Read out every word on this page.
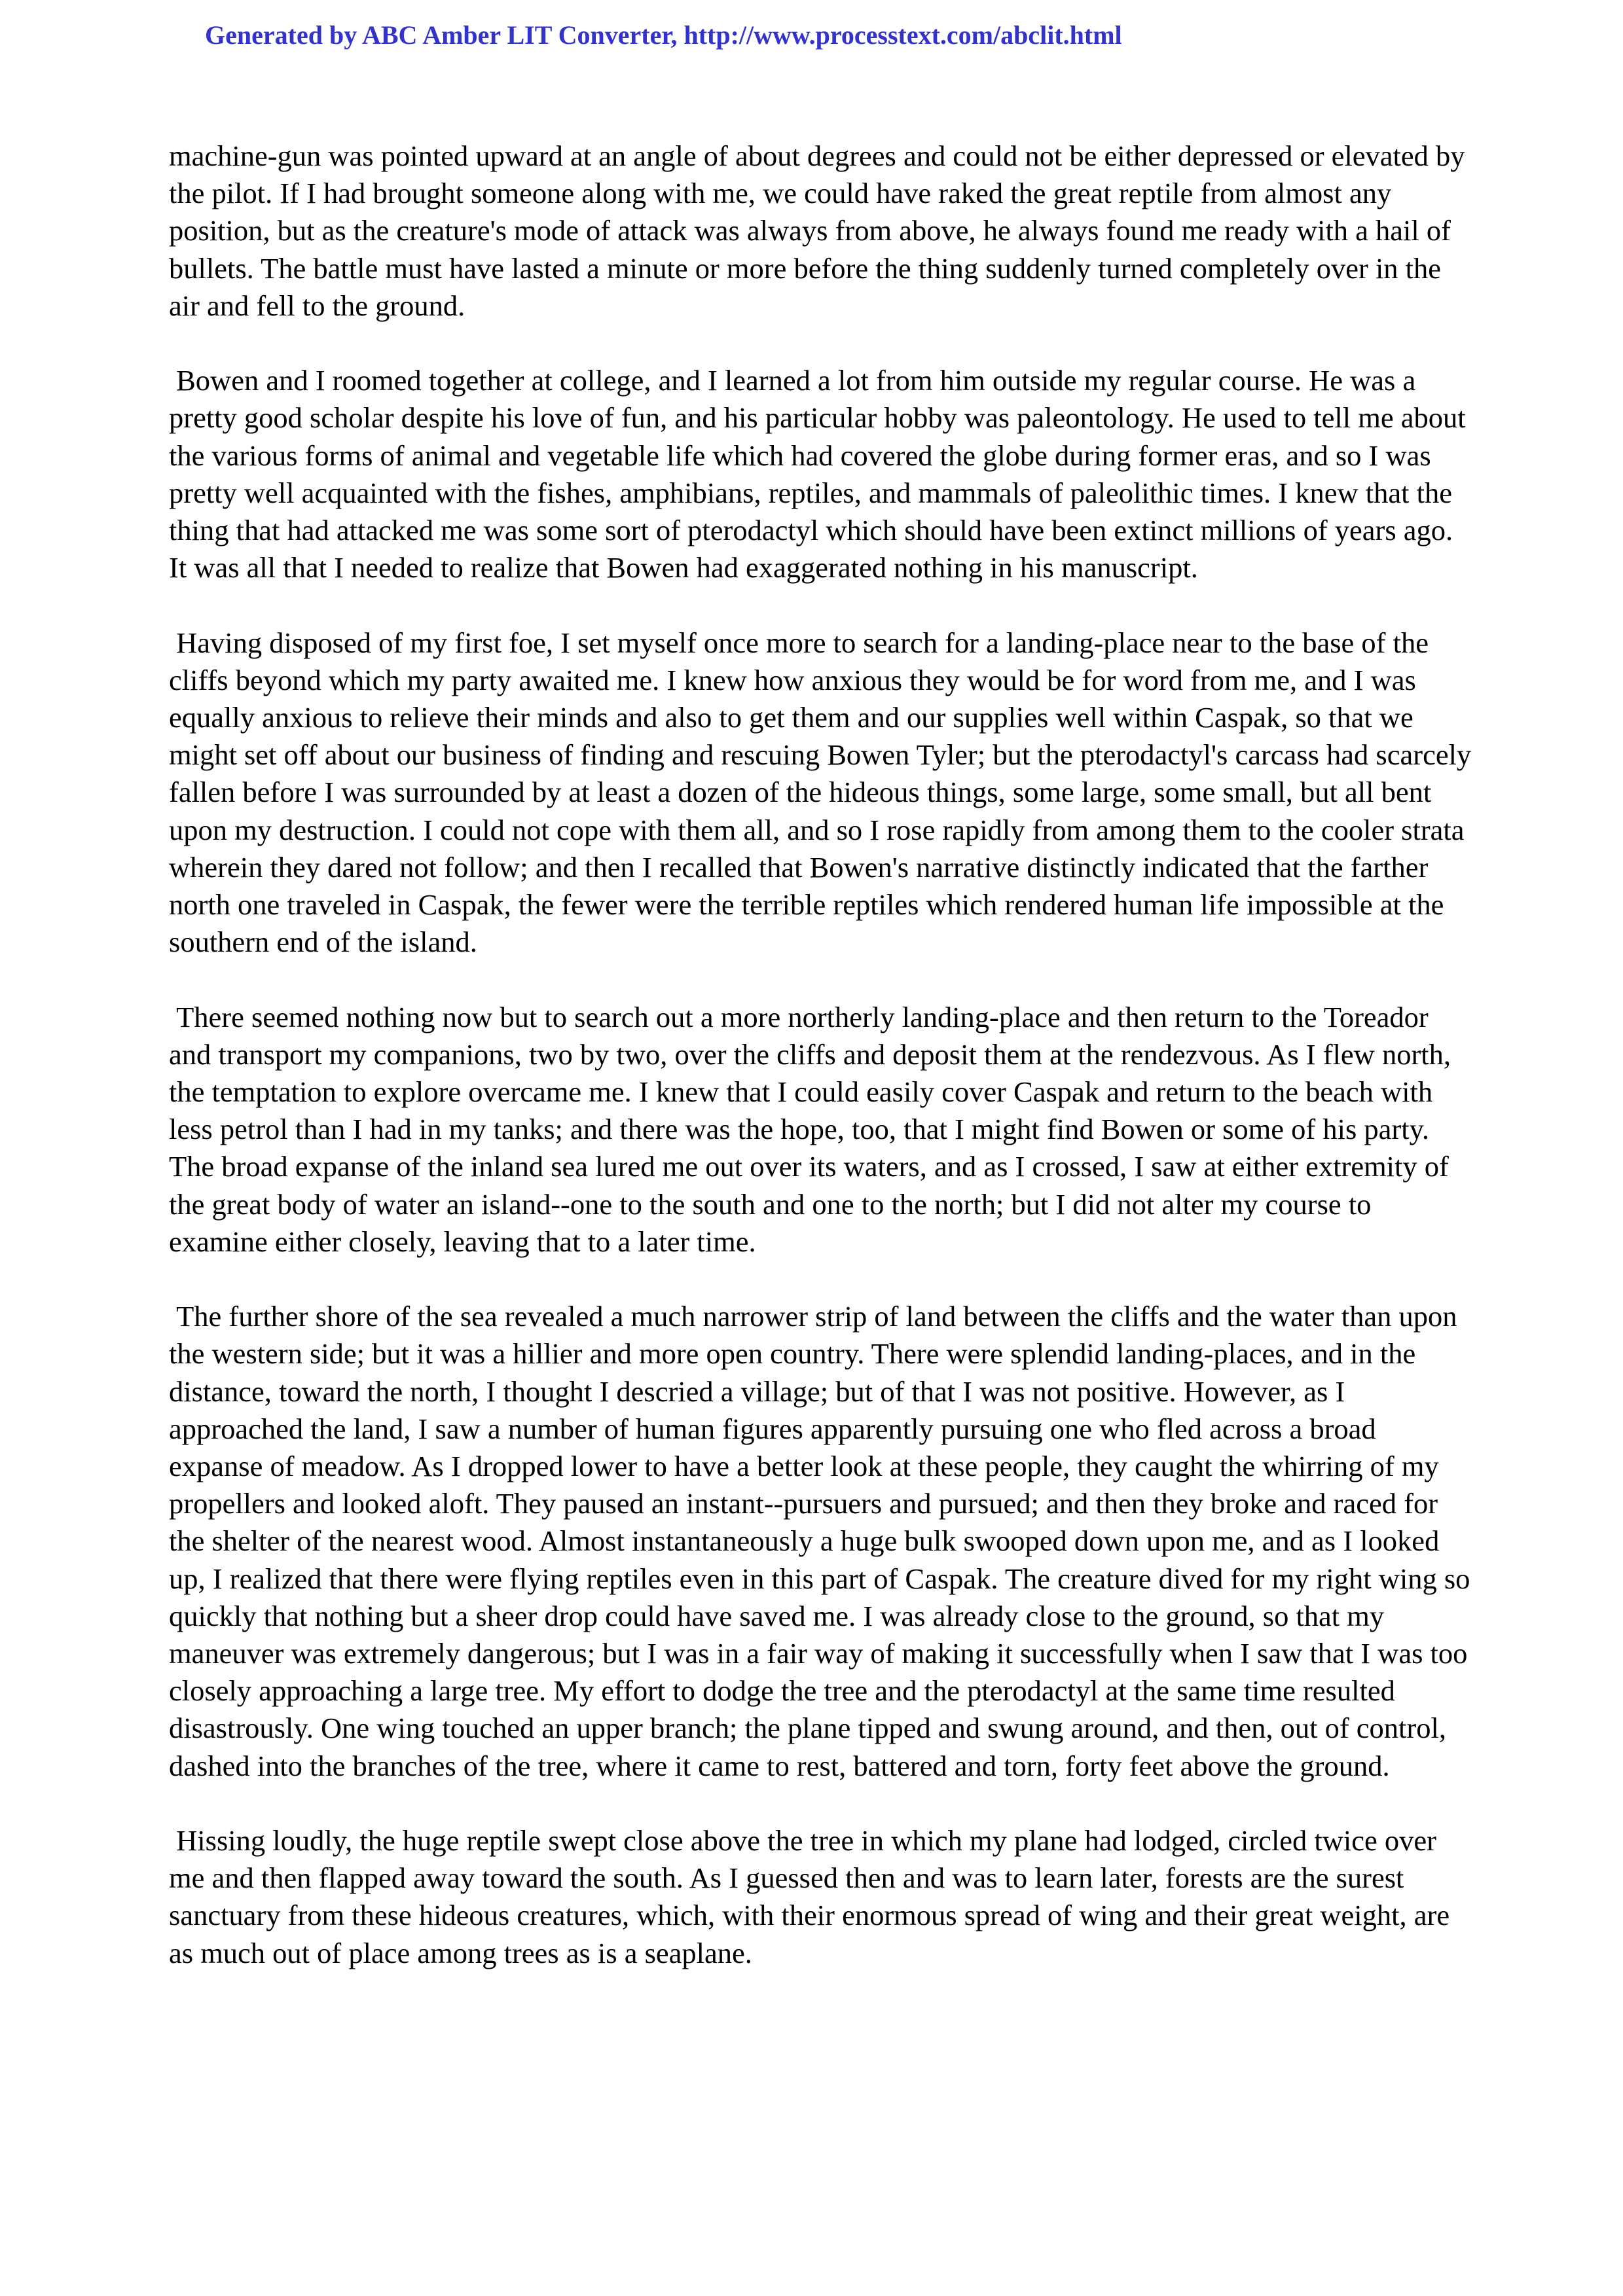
Generated by ABC Amber LIT Converter, http://www.processtext.com/abclit.html

machine-gun was pointed upward at an angle of about degrees and could not be either depressed or elevated by the pilot. If I had brought someone along with me, we could have raked the great reptile from almost any position, but as the creature's mode of attack was always from above, he always found me ready with a hail of bullets. The battle must have lasted a minute or more before the thing suddenly turned completely over in the air and fell to the ground.

Bowen and I roomed together at college, and I learned a lot from him outside my regular course. He was a pretty good scholar despite his love of fun, and his particular hobby was paleontology. He used to tell me about the various forms of animal and vegetable life which had covered the globe during former eras, and so I was pretty well acquainted with the fishes, amphibians, reptiles, and mammals of paleolithic times. I knew that the thing that had attacked me was some sort of pterodactyl which should have been extinct millions of years ago. It was all that I needed to realize that Bowen had exaggerated nothing in his manuscript.

Having disposed of my first foe, I set myself once more to search for a landing-place near to the base of the cliffs beyond which my party awaited me. I knew how anxious they would be for word from me, and I was equally anxious to relieve their minds and also to get them and our supplies well within Caspak, so that we might set off about our business of finding and rescuing Bowen Tyler; but the pterodactyl's carcass had scarcely fallen before I was surrounded by at least a dozen of the hideous things, some large, some small, but all bent upon my destruction. I could not cope with them all, and so I rose rapidly from among them to the cooler strata wherein they dared not follow; and then I recalled that Bowen's narrative distinctly indicated that the farther north one traveled in Caspak, the fewer were the terrible reptiles which rendered human life impossible at the southern end of the island.

There seemed nothing now but to search out a more northerly landing-place and then return to the Toreador and transport my companions, two by two, over the cliffs and deposit them at the rendezvous. As I flew north, the temptation to explore overcame me. I knew that I could easily cover Caspak and return to the beach with less petrol than I had in my tanks; and there was the hope, too, that I might find Bowen or some of his party. The broad expanse of the inland sea lured me out over its waters, and as I crossed, I saw at either extremity of the great body of water an island--one to the south and one to the north; but I did not alter my course to examine either closely, leaving that to a later time.

The further shore of the sea revealed a much narrower strip of land between the cliffs and the water than upon the western side; but it was a hillier and more open country. There were splendid landing-places, and in the distance, toward the north, I thought I descried a village; but of that I was not positive. However, as I approached the land, I saw a number of human figures apparently pursuing one who fled across a broad expanse of meadow. As I dropped lower to have a better look at these people, they caught the whirring of my propellers and looked aloft. They paused an instant--pursuers and pursued; and then they broke and raced for the shelter of the nearest wood. Almost instantaneously a huge bulk swooped down upon me, and as I looked up, I realized that there were flying reptiles even in this part of Caspak. The creature dived for my right wing so quickly that nothing but a sheer drop could have saved me. I was already close to the ground, so that my maneuver was extremely dangerous; but I was in a fair way of making it successfully when I saw that I was too closely approaching a large tree. My effort to dodge the tree and the pterodactyl at the same time resulted disastrously. One wing touched an upper branch; the plane tipped and swung around, and then, out of control, dashed into the branches of the tree, where it came to rest, battered and torn, forty feet above the ground.

Hissing loudly, the huge reptile swept close above the tree in which my plane had lodged, circled twice over me and then flapped away toward the south. As I guessed then and was to learn later, forests are the surest sanctuary from these hideous creatures, which, with their enormous spread of wing and their great weight, are as much out of place among trees as is a seaplane.
